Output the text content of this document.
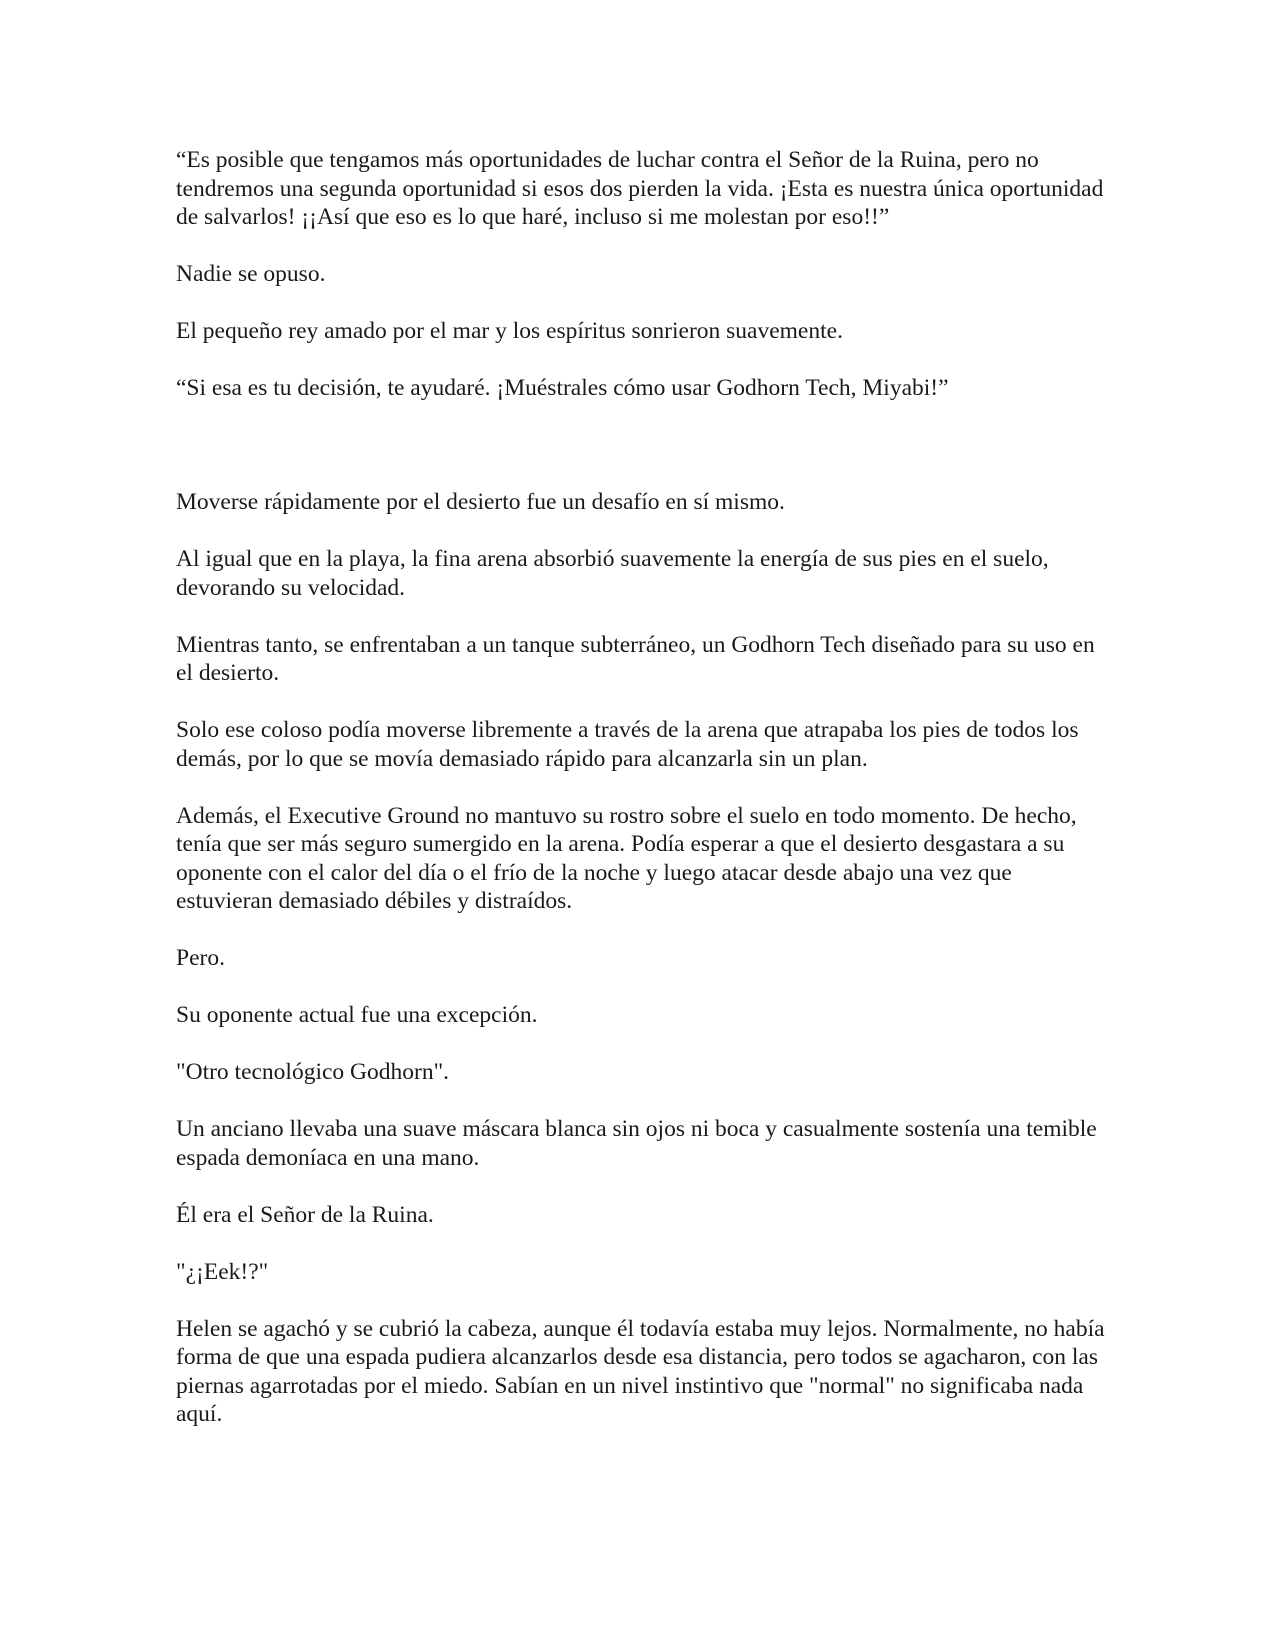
“Es posible que tengamos más oportunidades de luchar contra el Señor de la Ruina, pero no tendremos una segunda oportunidad si esos dos pierden la vida. ¡Esta es nuestra única oportunidad de salvarlos! ¡¡Así que eso es lo que haré, incluso si me molestan por eso!!”

Nadie se opuso.

El pequeño rey amado por el mar y los espíritus sonrieron suavemente.

“Si esa es tu decisión, te ayudaré. ¡Muéstrales cómo usar Godhorn Tech, Miyabi!”

Moverse rápidamente por el desierto fue un desafío en sí mismo.

Al igual que en la playa, la fina arena absorbió suavemente la energía de sus pies en el suelo, devorando su velocidad.

Mientras tanto, se enfrentaban a un tanque subterráneo, un Godhorn Tech diseñado para su uso en el desierto.

Solo ese coloso podía moverse libremente a través de la arena que atrapaba los pies de todos los demás, por lo que se movía demasiado rápido para alcanzarla sin un plan.

Además, el Executive Ground no mantuvo su rostro sobre el suelo en todo momento. De hecho, tenía que ser más seguro sumergido en la arena. Podía esperar a que el desierto desgastara a su oponente con el calor del día o el frío de la noche y luego atacar desde abajo una vez que estuvieran demasiado débiles y distraídos.

Pero.

Su oponente actual fue una excepción.

"Otro tecnológico Godhorn".

Un anciano llevaba una suave máscara blanca sin ojos ni boca y casualmente sostenía una temible espada demoníaca en una mano.

Él era el Señor de la Ruina.

"¿¡Eek!?"

Helen se agachó y se cubrió la cabeza, aunque él todavía estaba muy lejos. Normalmente, no había forma de que una espada pudiera alcanzarlos desde esa distancia, pero todos se agacharon, con las piernas agarrotadas por el miedo. Sabían en un nivel instintivo que "normal" no significaba nada aquí.
